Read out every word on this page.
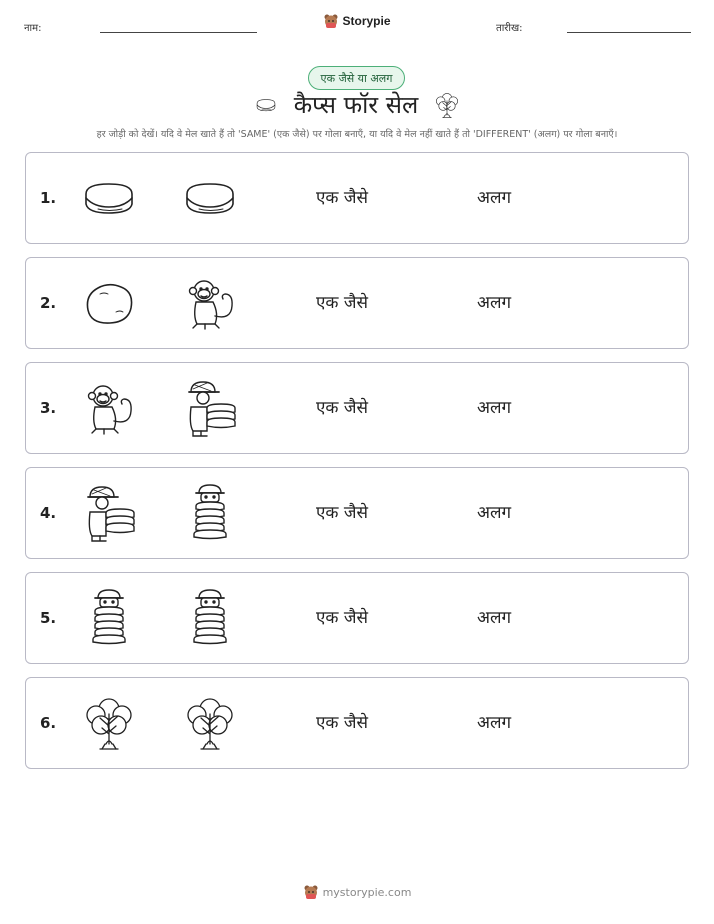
नाम:
Storypie
तारीख:
एक जैसे या अलग
कैप्स फॉर सेल
हर जोड़ी को देखें। यदि वे मेल खाते हैं तो 'SAME' (एक जैसे) पर गोला बनाएँ, या यदि वे मेल नहीं खाते हैं तो 'DIFFERENT' (अलग) पर गोला बनाएँ।
1.	एक जैसे	अलग
2.	एक जैसे	अलग
3.	एक जैसे	अलग
4.	एक जैसे	अलग
5.	एक जैसे	अलग
6.	एक जैसे	अलग
mystorypie.com
